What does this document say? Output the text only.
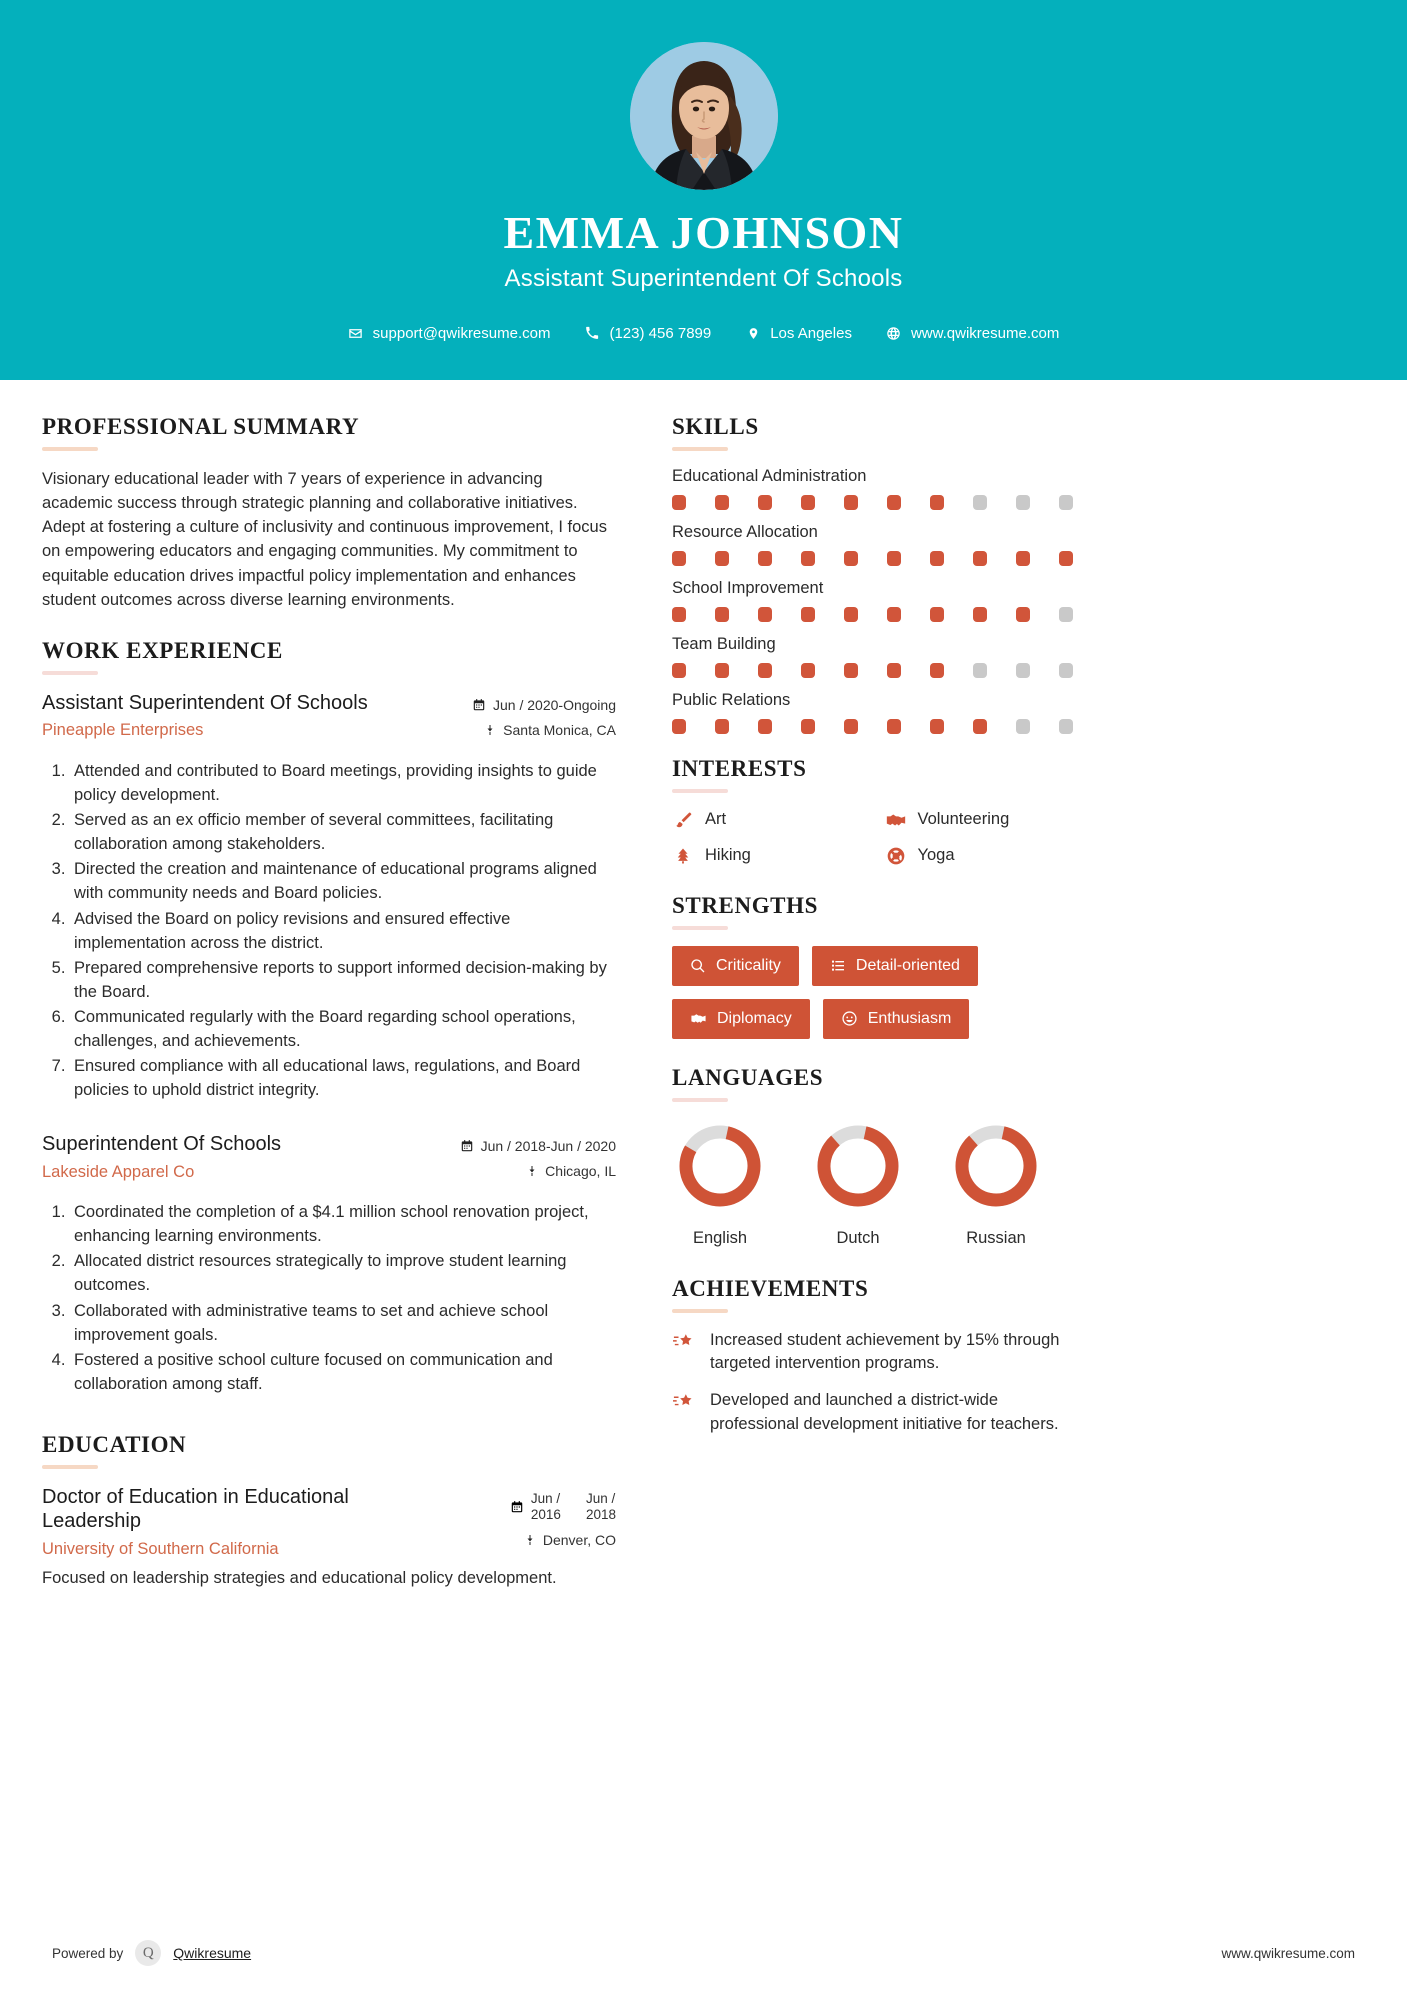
EMMA JOHNSON
Assistant Superintendent Of Schools
support@qwikresume.com	(123) 456 7899	Los Angeles	www.qwikresume.com
PROFESSIONAL SUMMARY

Visionary educational leader with 7 years of experience in advancing academic success through strategic planning and collaborative initiatives. Adept at fostering a culture of inclusivity and continuous improvement, I focus on empowering educators and engaging communities. My commitment to equitable education drives impactful policy implementation and enhances student outcomes across diverse learning environments.

WORK EXPERIENCE
Assistant Superintendent Of Schools
Pineapple Enterprises
Jun / 2020-Ongoing
Santa Monica, CA
1. Attended and contributed to Board meetings, providing insights to guide policy development.
2. Served as an ex officio member of several committees, facilitating collaboration among stakeholders.
3. Directed the creation and maintenance of educational programs aligned with community needs and Board policies.
4. Advised the Board on policy revisions and ensured effective implementation across the district.
5. Prepared comprehensive reports to support informed decision-making by the Board.
6. Communicated regularly with the Board regarding school operations, challenges, and achievements.
7. Ensured compliance with all educational laws, regulations, and Board policies to uphold district integrity.
Superintendent Of Schools
Lakeside Apparel Co
Jun / 2018-Jun / 2020
Chicago, IL
1. Coordinated the completion of a $4.1 million school renovation project, enhancing learning environments.
2. Allocated district resources strategically to improve student learning outcomes.
3. Collaborated with administrative teams to set and achieve school improvement goals.
4. Fostered a positive school culture focused on communication and collaboration among staff.
EDUCATION
Doctor of Education in Educational Leadership
University of Southern California
Jun /
2016
Jun /
2018
Denver, CO
Focused on leadership strategies and educational policy development.
SKILLS
Educational Administration
Resource Allocation
School Improvement
Team Building
Public Relations
INTERESTS
Art	Volunteering
Hiking	Yoga
STRENGTHS
Criticality	Detail-oriented
Diplomacy	Enthusiasm
LANGUAGES
English	Dutch	Russian
ACHIEVEMENTS
Increased student achievement by 15% through targeted intervention programs.
Developed and launched a district-wide professional development initiative for teachers.
Powered by	Q	Qwikresume	www.qwikresume.com
